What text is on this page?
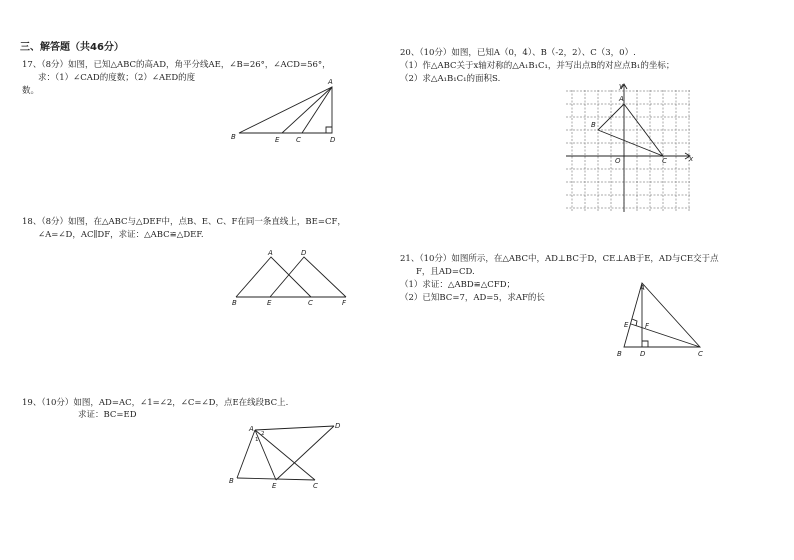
三、解答题（共46分）
17、（8分）如图，已知△ABC的高AD，角平分线AE，∠B=26°，∠ACD=56°，
求：（1）∠CAD的度数；（2）∠AED的度
数。
A
B	E C	D
18、（8分）如图，在△ABC与△DEF中，点B、E、C、F在同一条直线上，BE=CF，
∠A=∠D，AC∥DF，求证：△ABC≌△DEF.
A	D
B	E	C	F
19、（10分）如图，AD=AC，∠1=∠2，∠C=∠D，点E在线段BC上.
求证：BC=ED
A	D
B
E	C
1
2
20、（10分）如图，已知A（0，4）、B（-2，2）、C（3，0）.
（1）作△ABC关于x轴对称的△A₁B₁C₁，并写出点B的对应点B₁的坐标；
（2）求△A₁B₁C₁的面积S.
y
x
O
A
B
C
21、（10分）如图所示，在△ABC中，AD⊥BC于D，CE⊥AB于E，AD与CE交于点
F，且AD=CD.
（1）求证：△ABD≌△CFD；
（2）已知BC=7，AD=5，求AF的长
A
E F
B	D	C
